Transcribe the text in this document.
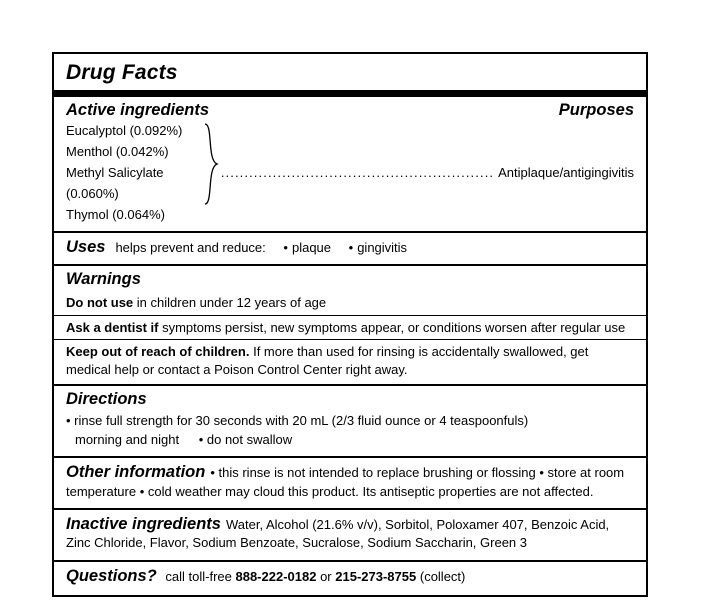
Drug Facts
Active ingredients	Purposes
Eucalyptol (0.092%)
Menthol (0.042%)
Methyl Salicylate (0.060%)
Thymol (0.064%)
.......................................................... Antiplaque/antigingivitis
Uses helps prevent and reduce: • plaque • gingivitis
Warnings
Do not use in children under 12 years of age
Ask a dentist if symptoms persist, new symptoms appear, or conditions worsen after regular use
Keep out of reach of children. If more than used for rinsing is accidentally swallowed, get medical help or contact a Poison Control Center right away.
Directions
• rinse full strength for 30 seconds with 20 mL (2/3 fluid ounce or 4 teaspoonfuls)
morning and night • do not swallow
Other information • this rinse is not intended to replace brushing or flossing • store at room temperature • cold weather may cloud this product. Its antiseptic properties are not affected.
Inactive ingredients Water, Alcohol (21.6% v/v), Sorbitol, Poloxamer 407, Benzoic Acid, Zinc Chloride, Flavor, Sodium Benzoate, Sucralose, Sodium Saccharin, Green 3
Questions? call toll-free 888-222-0182 or 215-273-8755 (collect)
